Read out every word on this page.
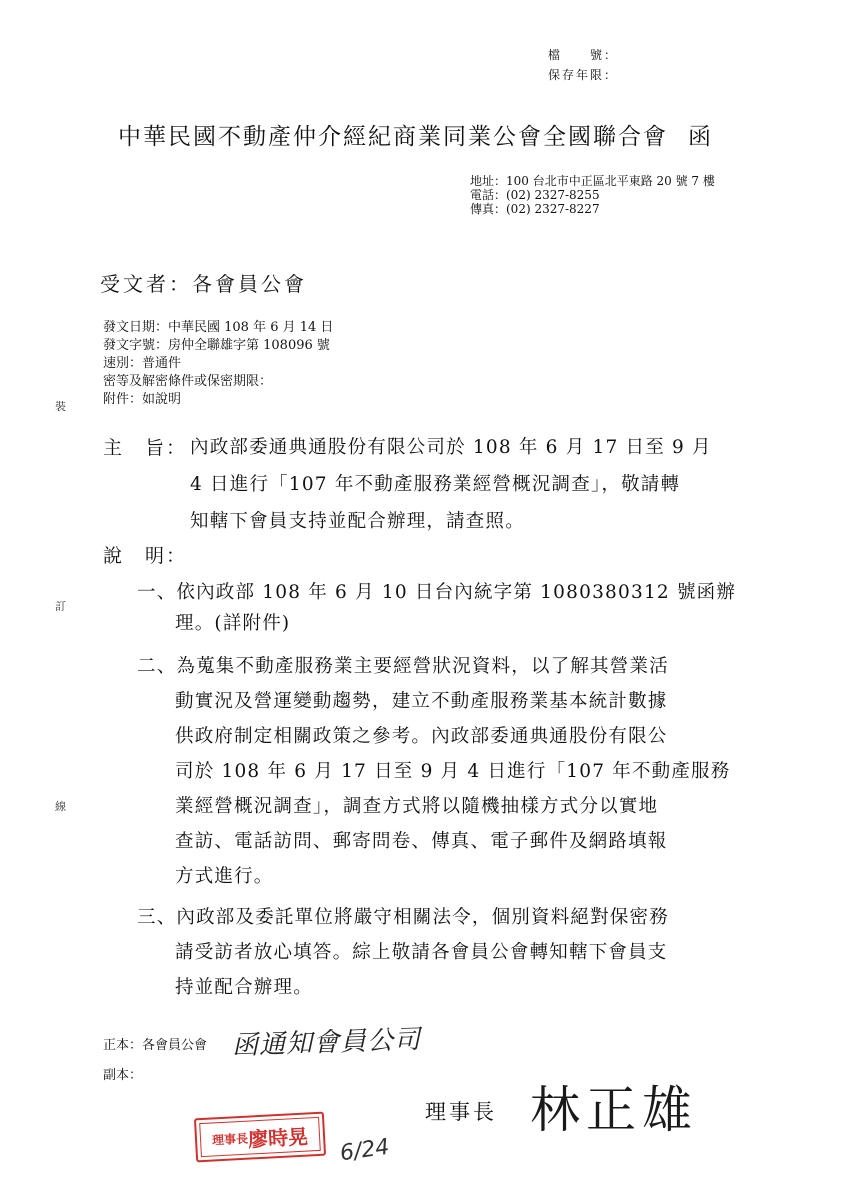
檔　　號：
保存年限：
中華民國不動產仲介經紀商業同業公會全國聯合會 函
地址：100 台北市中正區北平東路 20 號 7 樓
電話：(02) 2327-8255
傳真：(02) 2327-8227
受文者：各會員公會
發文日期：中華民國 108 年 6 月 14 日
發文字號：房仲全聯雄字第 108096 號
速別：普通件
密等及解密條件或保密期限：
附件：如說明
裝
訂
線
主　旨： 內政部委通典通股份有限公司於 108 年 6 月 17 日至 9 月
4 日進行「107 年不動產服務業經營概況調查」，敬請轉
知轄下會員支持並配合辦理，請查照。
說　明：
一、依內政部 108 年 6 月 10 日台內統字第 1080380312 號函辦
理。(詳附件)
二、為蒐集不動產服務業主要經營狀況資料，以了解其營業活
動實況及營運變動趨勢，建立不動產服務業基本統計數據
供政府制定相關政策之參考。內政部委通典通股份有限公
司於 108 年 6 月 17 日至 9 月 4 日進行「107 年不動產服務
業經營概況調查」，調查方式將以隨機抽樣方式分以實地
查訪、電話訪問、郵寄問卷、傳真、電子郵件及網路填報
方式進行。
三、內政部及委託單位將嚴守相關法令，個別資料絕對保密務
請受訪者放心填答。綜上敬請各會員公會轉知轄下會員支
持並配合辦理。
正本：各會員公會 函通知會員公司
副本：
理事長 林正雄
理事長 廖時晃 6/24
